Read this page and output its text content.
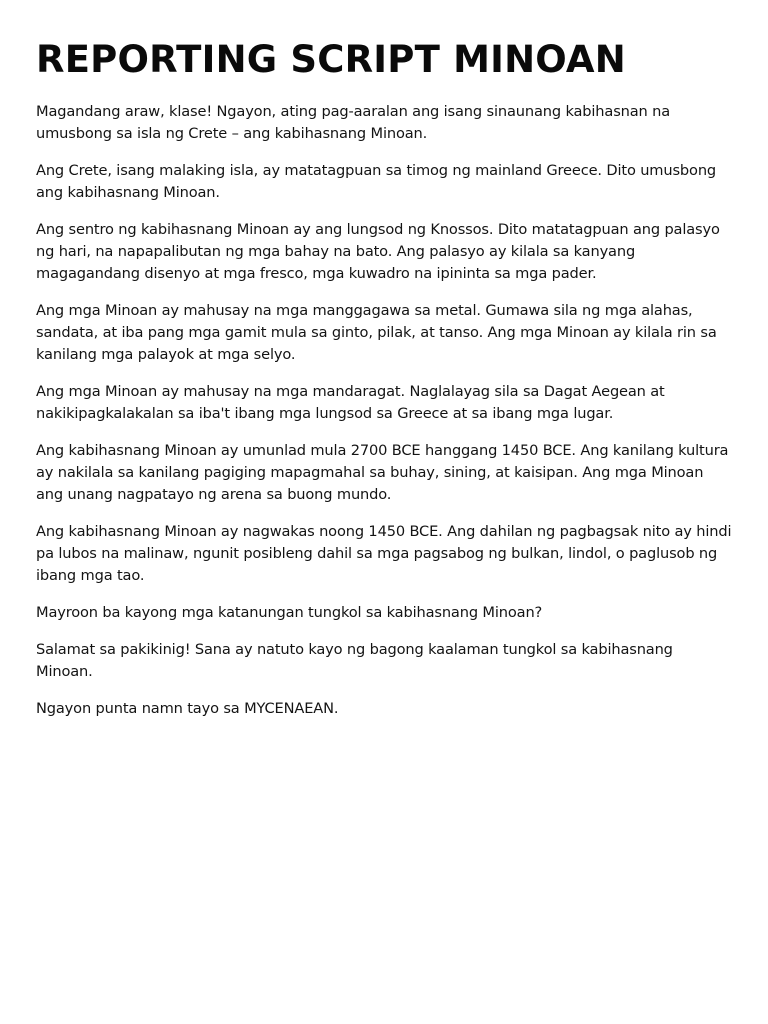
REPORTING SCRIPT MINOAN

Magandang araw, klase! Ngayon, ating pag-aaralan ang isang sinaunang kabihasnan na umusbong sa isla ng Crete – ang kabihasnang Minoan.

Ang Crete, isang malaking isla, ay matatagpuan sa timog ng mainland Greece. Dito umusbong ang kabihasnang Minoan.

Ang sentro ng kabihasnang Minoan ay ang lungsod ng Knossos. Dito matatagpuan ang palasyo ng hari, na napapalibutan ng mga bahay na bato. Ang palasyo ay kilala sa kanyang magagandang disenyo at mga fresco, mga kuwadro na ipininta sa mga pader.

Ang mga Minoan ay mahusay na mga manggagawa sa metal. Gumawa sila ng mga alahas, sandata, at iba pang mga gamit mula sa ginto, pilak, at tanso. Ang mga Minoan ay kilala rin sa kanilang mga palayok at mga selyo.

Ang mga Minoan ay mahusay na mga mandaragat. Naglalayag sila sa Dagat Aegean at nakikipagkalakalan sa iba't ibang mga lungsod sa Greece at sa ibang mga lugar.

Ang kabihasnang Minoan ay umunlad mula 2700 BCE hanggang 1450 BCE. Ang kanilang kultura ay nakilala sa kanilang pagiging mapagmahal sa buhay, sining, at kaisipan. Ang mga Minoan ang unang nagpatayo ng arena sa buong mundo.

Ang kabihasnang Minoan ay nagwakas noong 1450 BCE. Ang dahilan ng pagbagsak nito ay hindi pa lubos na malinaw, ngunit posibleng dahil sa mga pagsabog ng bulkan, lindol, o paglusob ng ibang mga tao.

Mayroon ba kayong mga katanungan tungkol sa kabihasnang Minoan?

Salamat sa pakikinig! Sana ay natuto kayo ng bagong kaalaman tungkol sa kabihasnang Minoan.

Ngayon punta namn tayo sa MYCENAEAN.
